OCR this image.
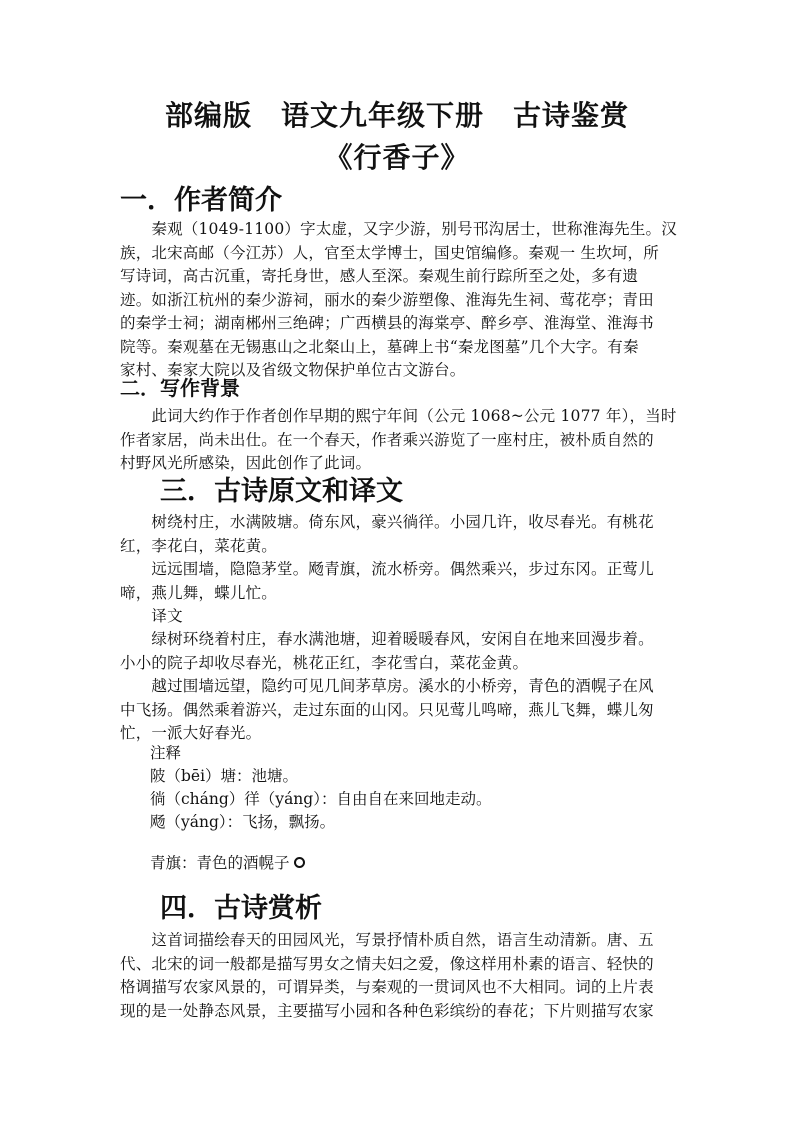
部编版　语文九年级下册　古诗鉴赏
《行香子》
一．作者简介
　　秦观（1049-1100）字太虚，又字少游，别号邗沟居士，世称淮海先生。汉
族，北宋高邮（今江苏）人，官至太学博士，国史馆编修。秦观一 生坎坷，所
写诗词，高古沉重，寄托身世，感人至深。秦观生前行踪所至之处，多有遗
迹。如浙江杭州的秦少游祠，丽水的秦少游塑像、淮海先生祠、莺花亭；青田
的秦学士祠；湖南郴州三绝碑；广西横县的海棠亭、醉乡亭、淮海堂、淮海书
院等。秦观墓在无锡惠山之北粲山上，墓碑上书“秦龙图墓”几个大字。有秦
家村、秦家大院以及省级文物保护单位古文游台。
二．写作背景
　　此词大约作于作者创作早期的熙宁年间（公元 1068~公元 1077 年），当时
作者家居，尚未出仕。在一个春天，作者乘兴游览了一座村庄，被朴质自然的
村野风光所感染，因此创作了此词。
三．古诗原文和译文
　　树绕村庄，水满陂塘。倚东风，豪兴徜徉。小园几许，收尽春光。有桃花
红，李花白，菜花黄。
　　远远围墙，隐隐茅堂。飏青旗，流水桥旁。偶然乘兴，步过东冈。正莺儿
啼，燕儿舞，蝶儿忙。
　　译文
　　绿树环绕着村庄，春水满池塘，迎着暖暖春风，安闲自在地来回漫步着。
小小的院子却收尽春光，桃花正红，李花雪白，菜花金黄。
　　越过围墙远望，隐约可见几间茅草房。溪水的小桥旁，青色的酒幌子在风
中飞扬。偶然乘着游兴，走过东面的山冈。只见莺儿鸣啼，燕儿飞舞，蝶儿匆
忙，一派大好春光。
注释
陂（bēi）塘：池塘。
徜（cháng）徉（yáng）：自由自在来回地走动。
飏（yáng）：飞扬，飘扬。
青旗：青色的酒幌子
四．古诗赏析
　　这首词描绘春天的田园风光，写景抒情朴质自然，语言生动清新。唐、五
代、北宋的词一般都是描写男女之情夫妇之爱，像这样用朴素的语言、轻快的
格调描写农家风景的，可谓异类，与秦观的一贯词风也不大相同。词的上片表
现的是一处静态风景，主要描写小园和各种色彩缤纷的春花；下片则描写农家
